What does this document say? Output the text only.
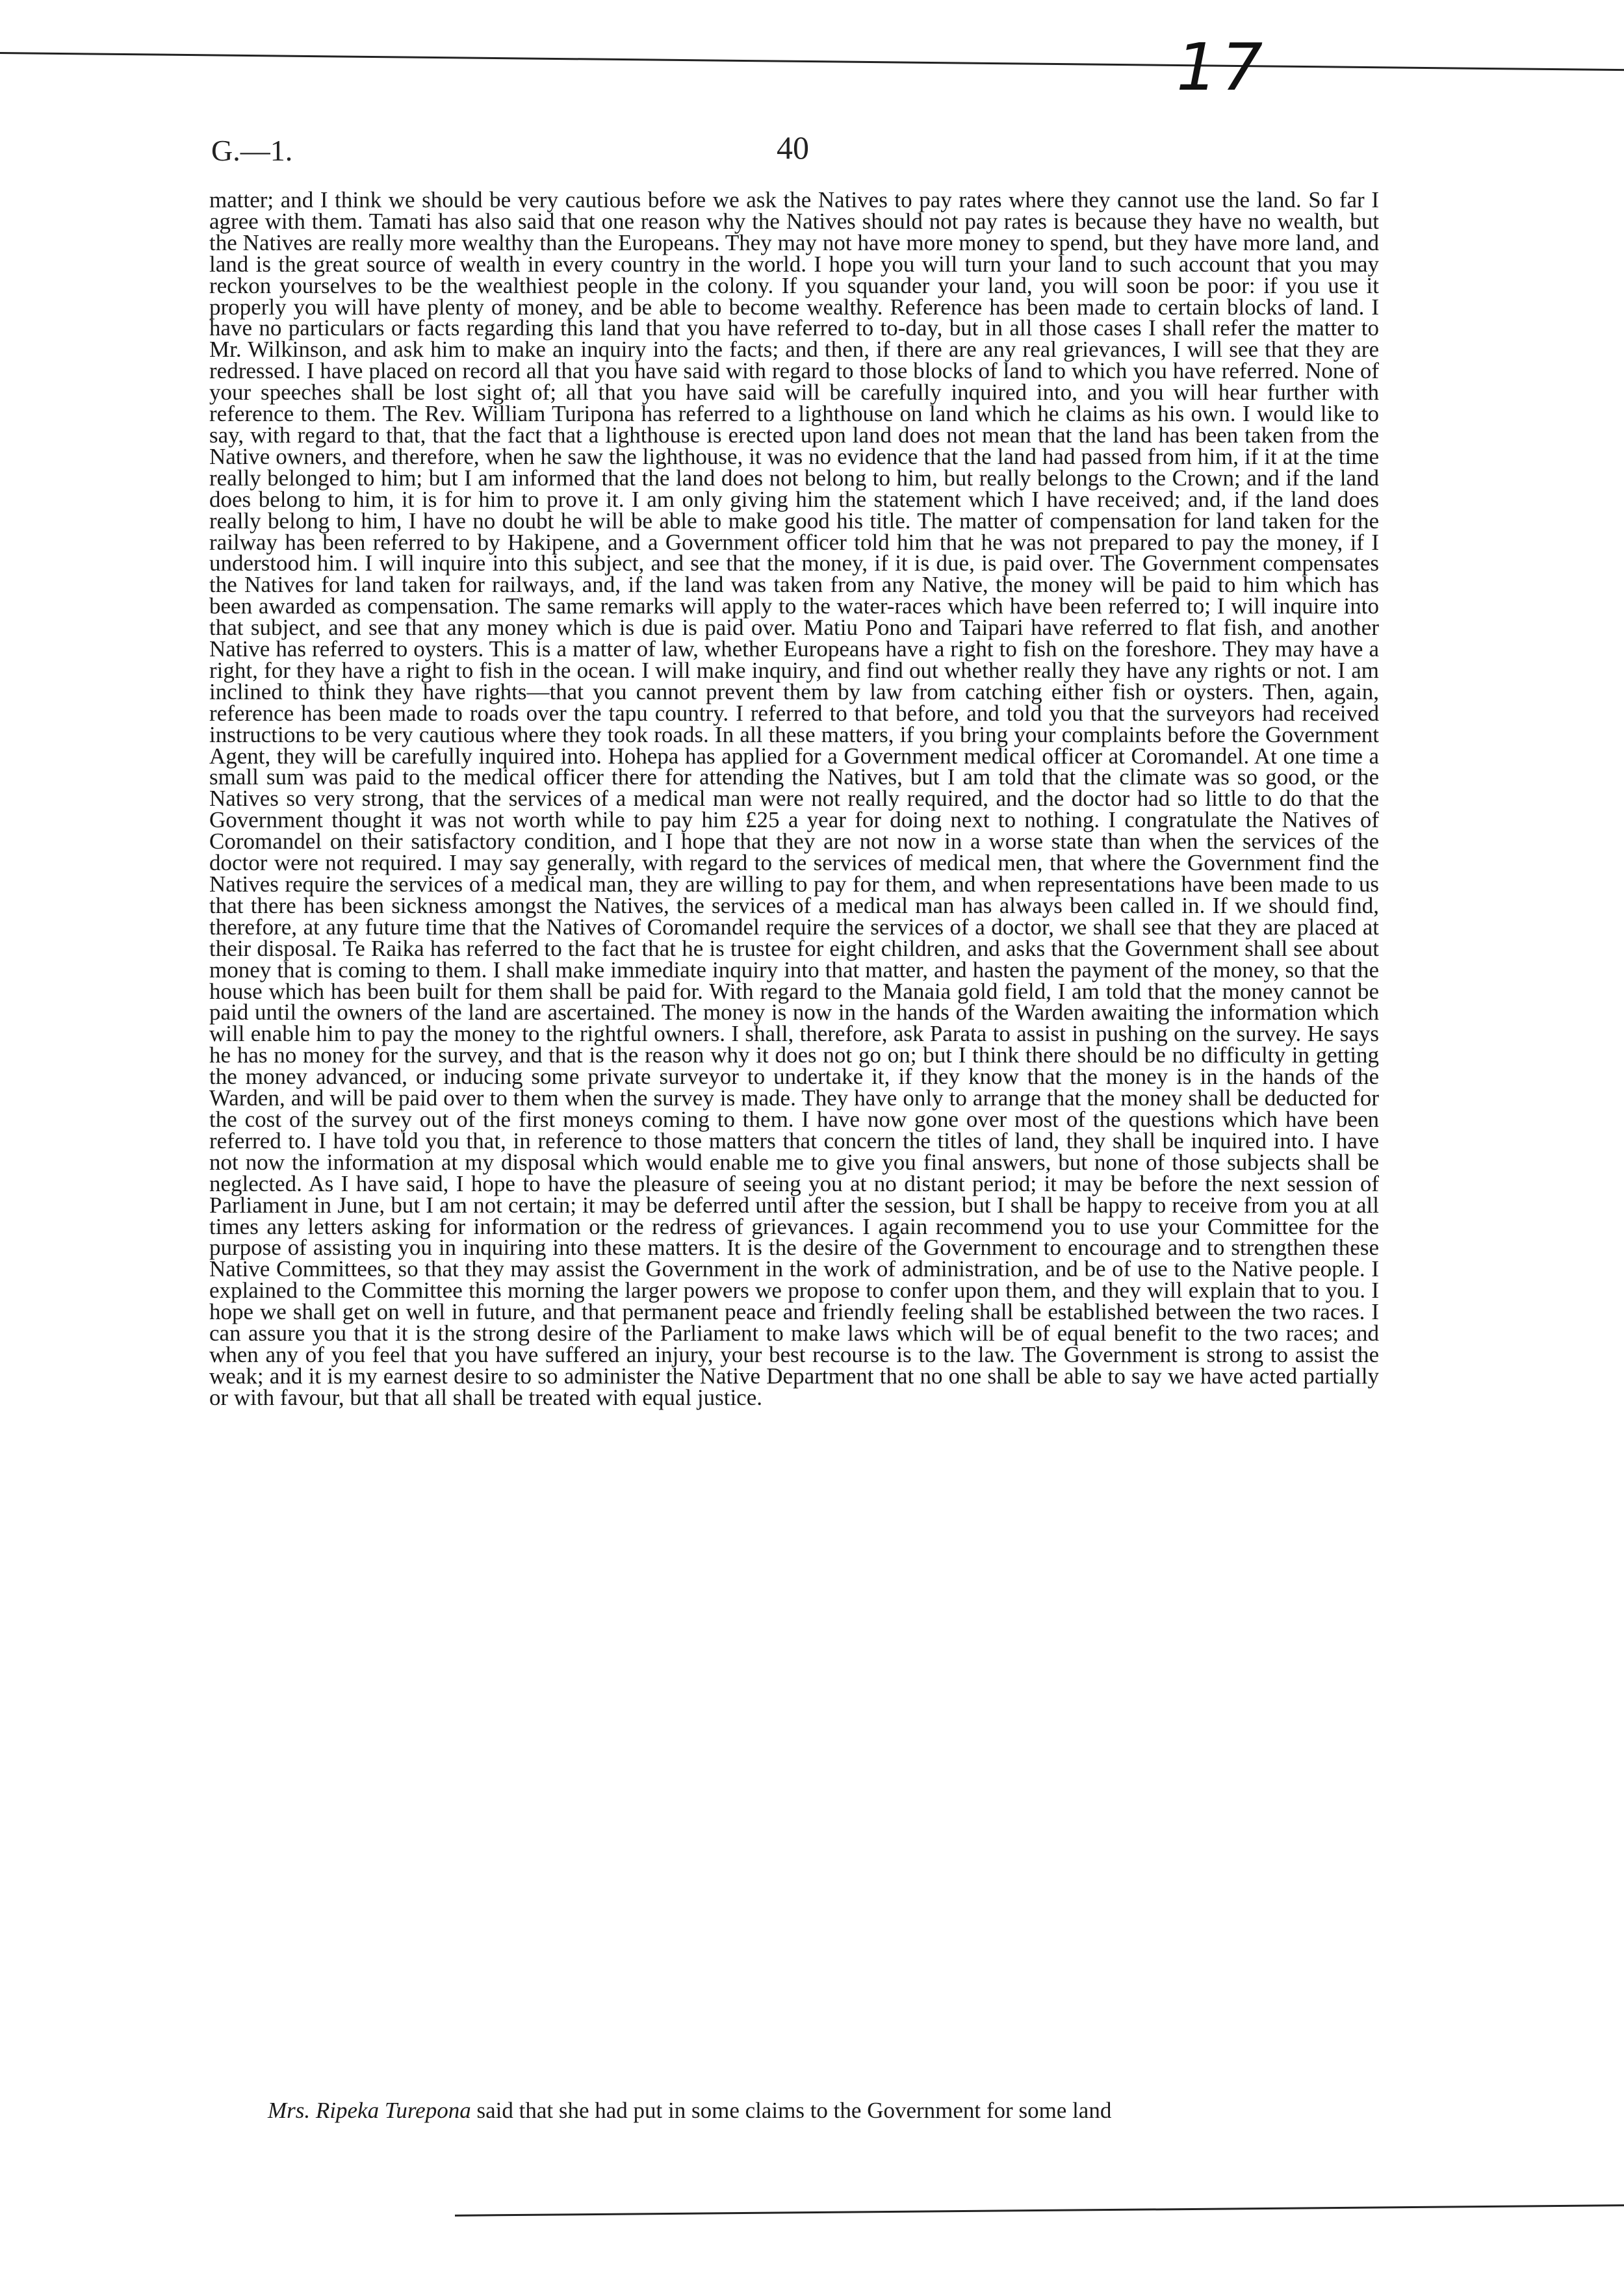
17
G.—1.	40

matter; and I think we should be very cautious before we ask the Natives to pay rates where they cannot use the land. So far I agree with them. Tamati has also said that one reason why the Natives should not pay rates is because they have no wealth, but the Natives are really more wealthy than the Europeans. They may not have more money to spend, but they have more land, and land is the great source of wealth in every country in the world. I hope you will turn your land to such account that you may reckon yourselves to be the wealthiest people in the colony. If you squander your land, you will soon be poor: if you use it properly you will have plenty of money, and be able to become wealthy. Reference has been made to certain blocks of land. I have no particulars or facts regarding this land that you have referred to to-day, but in all those cases I shall refer the matter to Mr. Wilkinson, and ask him to make an inquiry into the facts; and then, if there are any real grievances, I will see that they are redressed. I have placed on record all that you have said with regard to those blocks of land to which you have referred. None of your speeches shall be lost sight of; all that you have said will be carefully inquired into, and you will hear further with reference to them. The Rev. William Turipona has referred to a lighthouse on land which he claims as his own. I would like to say, with regard to that, that the fact that a lighthouse is erected upon land does not mean that the land has been taken from the Native owners, and therefore, when he saw the lighthouse, it was no evidence that the land had passed from him, if it at the time really belonged to him; but I am informed that the land does not belong to him, but really belongs to the Crown; and if the land does belong to him, it is for him to prove it. I am only giving him the statement which I have received; and, if the land does really belong to him, I have no doubt he will be able to make good his title. The matter of compensation for land taken for the railway has been referred to by Hakipene, and a Government officer told him that he was not prepared to pay the money, if I understood him. I will inquire into this subject, and see that the money, if it is due, is paid over. The Government compensates the Natives for land taken for railways, and, if the land was taken from any Native, the money will be paid to him which has been awarded as compensation. The same remarks will apply to the water-races which have been referred to; I will inquire into that subject, and see that any money which is due is paid over. Matiu Pono and Taipari have referred to flat fish, and another Native has referred to oysters. This is a matter of law, whether Europeans have a right to fish on the foreshore. They may have a right, for they have a right to fish in the ocean. I will make inquiry, and find out whether really they have any rights or not. I am inclined to think they have rights—that you cannot prevent them by law from catching either fish or oysters. Then, again, reference has been made to roads over the tapu country. I referred to that before, and told you that the surveyors had received instructions to be very cautious where they took roads. In all these matters, if you bring your complaints before the Government Agent, they will be carefully inquired into. Hohepa has applied for a Government medical officer at Coromandel. At one time a small sum was paid to the medical officer there for attending the Natives, but I am told that the climate was so good, or the Natives so very strong, that the services of a medical man were not really required, and the doctor had so little to do that the Government thought it was not worth while to pay him £25 a year for doing next to nothing. I congratulate the Natives of Coromandel on their satisfactory condition, and I hope that they are not now in a worse state than when the services of the doctor were not required. I may say generally, with regard to the services of medical men, that where the Government find the Natives require the services of a medical man, they are willing to pay for them, and when representations have been made to us that there has been sickness amongst the Natives, the services of a medical man has always been called in. If we should find, therefore, at any future time that the Natives of Coromandel require the services of a doctor, we shall see that they are placed at their disposal. Te Raika has referred to the fact that he is trustee for eight children, and asks that the Government shall see about money that is coming to them. I shall make immediate inquiry into that matter, and hasten the payment of the money, so that the house which has been built for them shall be paid for. With regard to the Manaia gold field, I am told that the money cannot be paid until the owners of the land are ascertained. The money is now in the hands of the Warden awaiting the information which will enable him to pay the money to the rightful owners. I shall, therefore, ask Parata to assist in pushing on the survey. He says he has no money for the survey, and that is the reason why it does not go on; but I think there should be no difficulty in getting the money advanced, or inducing some private surveyor to undertake it, if they know that the money is in the hands of the Warden, and will be paid over to them when the survey is made. They have only to arrange that the money shall be deducted for the cost of the survey out of the first moneys coming to them. I have now gone over most of the questions which have been referred to. I have told you that, in reference to those matters that concern the titles of land, they shall be inquired into. I have not now the information at my disposal which would enable me to give you final answers, but none of those subjects shall be neglected. As I have said, I hope to have the pleasure of seeing you at no distant period; it may be before the next session of Parliament in June, but I am not certain; it may be deferred until after the session, but I shall be happy to receive from you at all times any letters asking for information or the redress of grievances. I again recommend you to use your Committee for the purpose of assisting you in inquiring into these matters. It is the desire of the Government to encourage and to strengthen these Native Committees, so that they may assist the Government in the work of administration, and be of use to the Native people. I explained to the Committee this morning the larger powers we propose to confer upon them, and they will explain that to you. I hope we shall get on well in future, and that permanent peace and friendly feeling shall be established between the two races. I can assure you that it is the strong desire of the Parliament to make laws which will be of equal benefit to the two races; and when any of you feel that you have suffered an injury, your best recourse is to the law. The Government is strong to assist the weak; and it is my earnest desire to so administer the Native Department that no one shall be able to say we have acted partially or with favour, but that all shall be treated with equal justice.

Mrs. Ripeka Turepona said that she had put in some claims to the Government for some land
